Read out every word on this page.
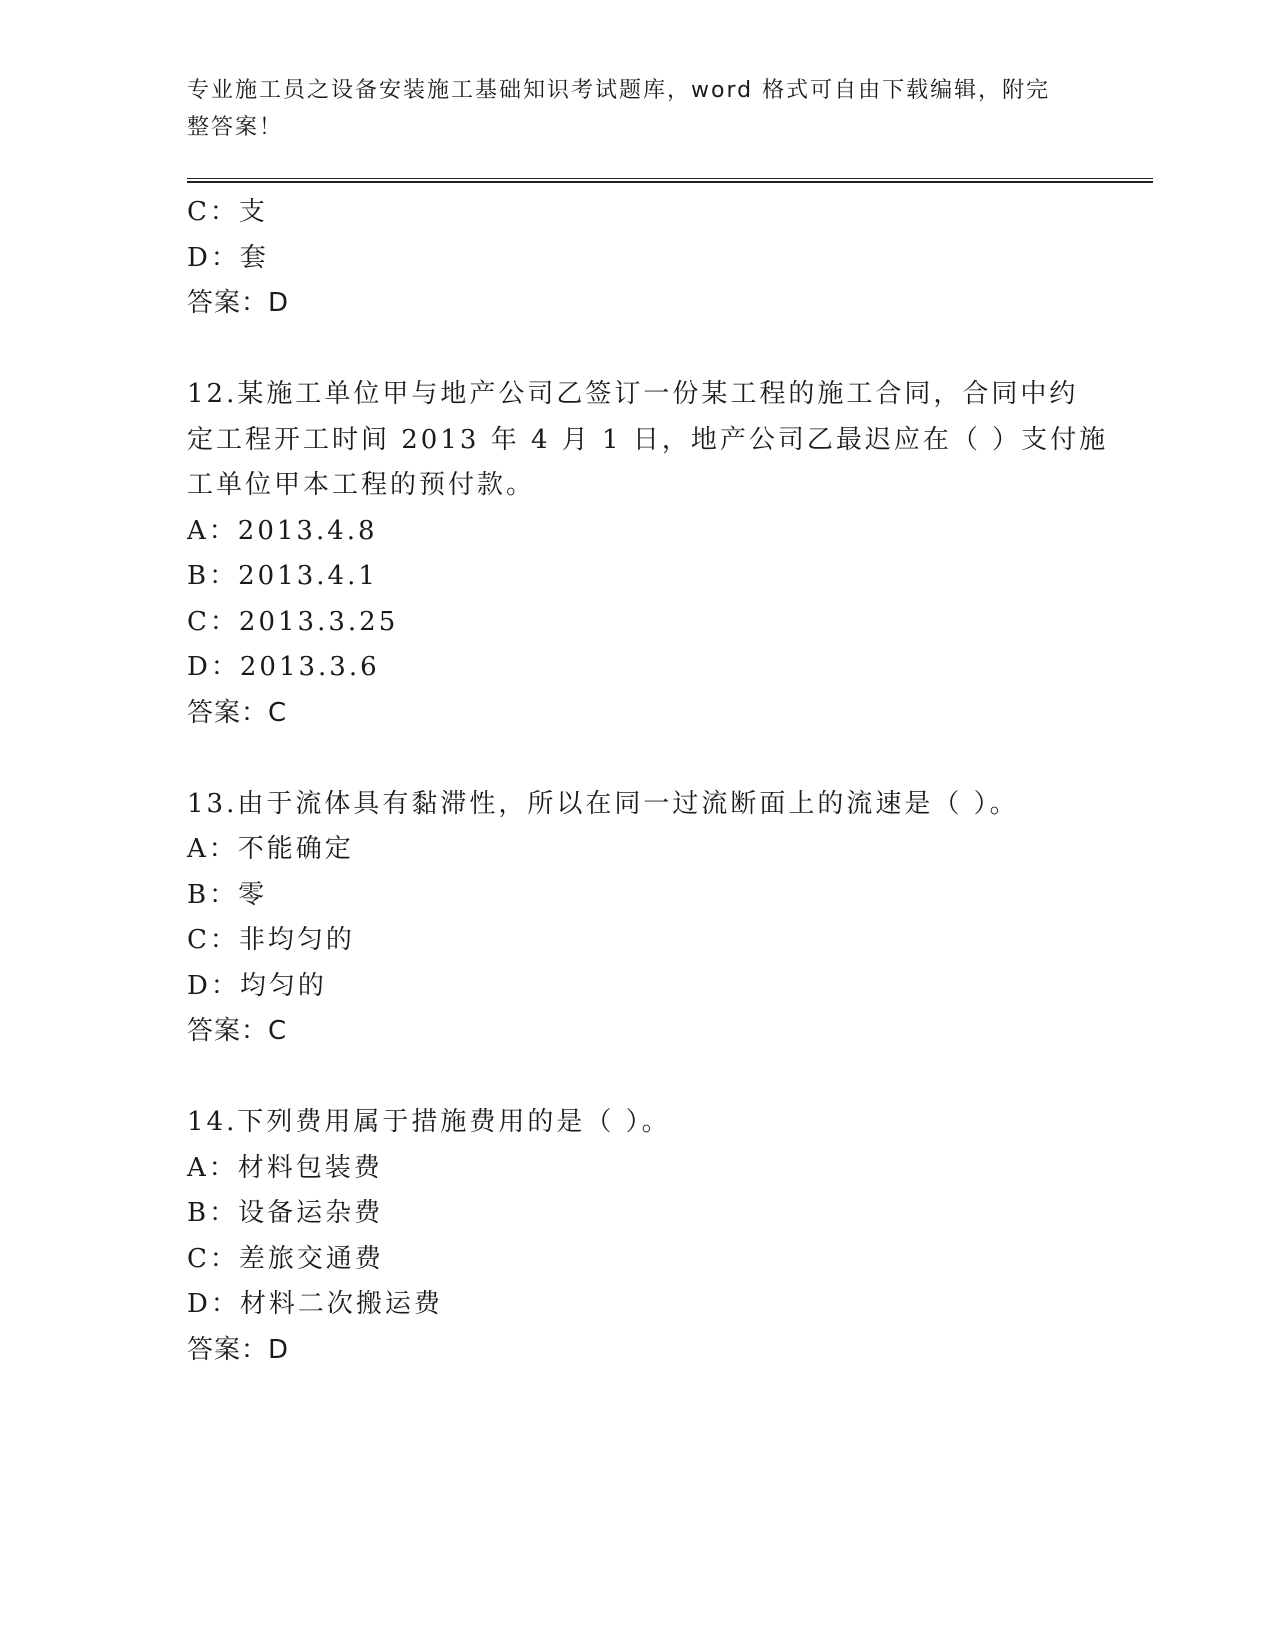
专业施工员之设备安装施工基础知识考试题库，word 格式可自由下载编辑，附完
整答案！
C：支
D：套
答案：D
12.某施工单位甲与地产公司乙签订一份某工程的施工合同，合同中约
定工程开工时间 2013 年 4 月 1 日，地产公司乙最迟应在（ ）支付施
工单位甲本工程的预付款。
A：2013.4.8
B：2013.4.1
C：2013.3.25
D：2013.3.6
答案：C
13.由于流体具有黏滞性，所以在同一过流断面上的流速是（ ）。
A：不能确定
B：零
C：非均匀的
D：均匀的
答案：C
14.下列费用属于措施费用的是（ ）。
A：材料包装费
B：设备运杂费
C：差旅交通费
D：材料二次搬运费
答案：D
